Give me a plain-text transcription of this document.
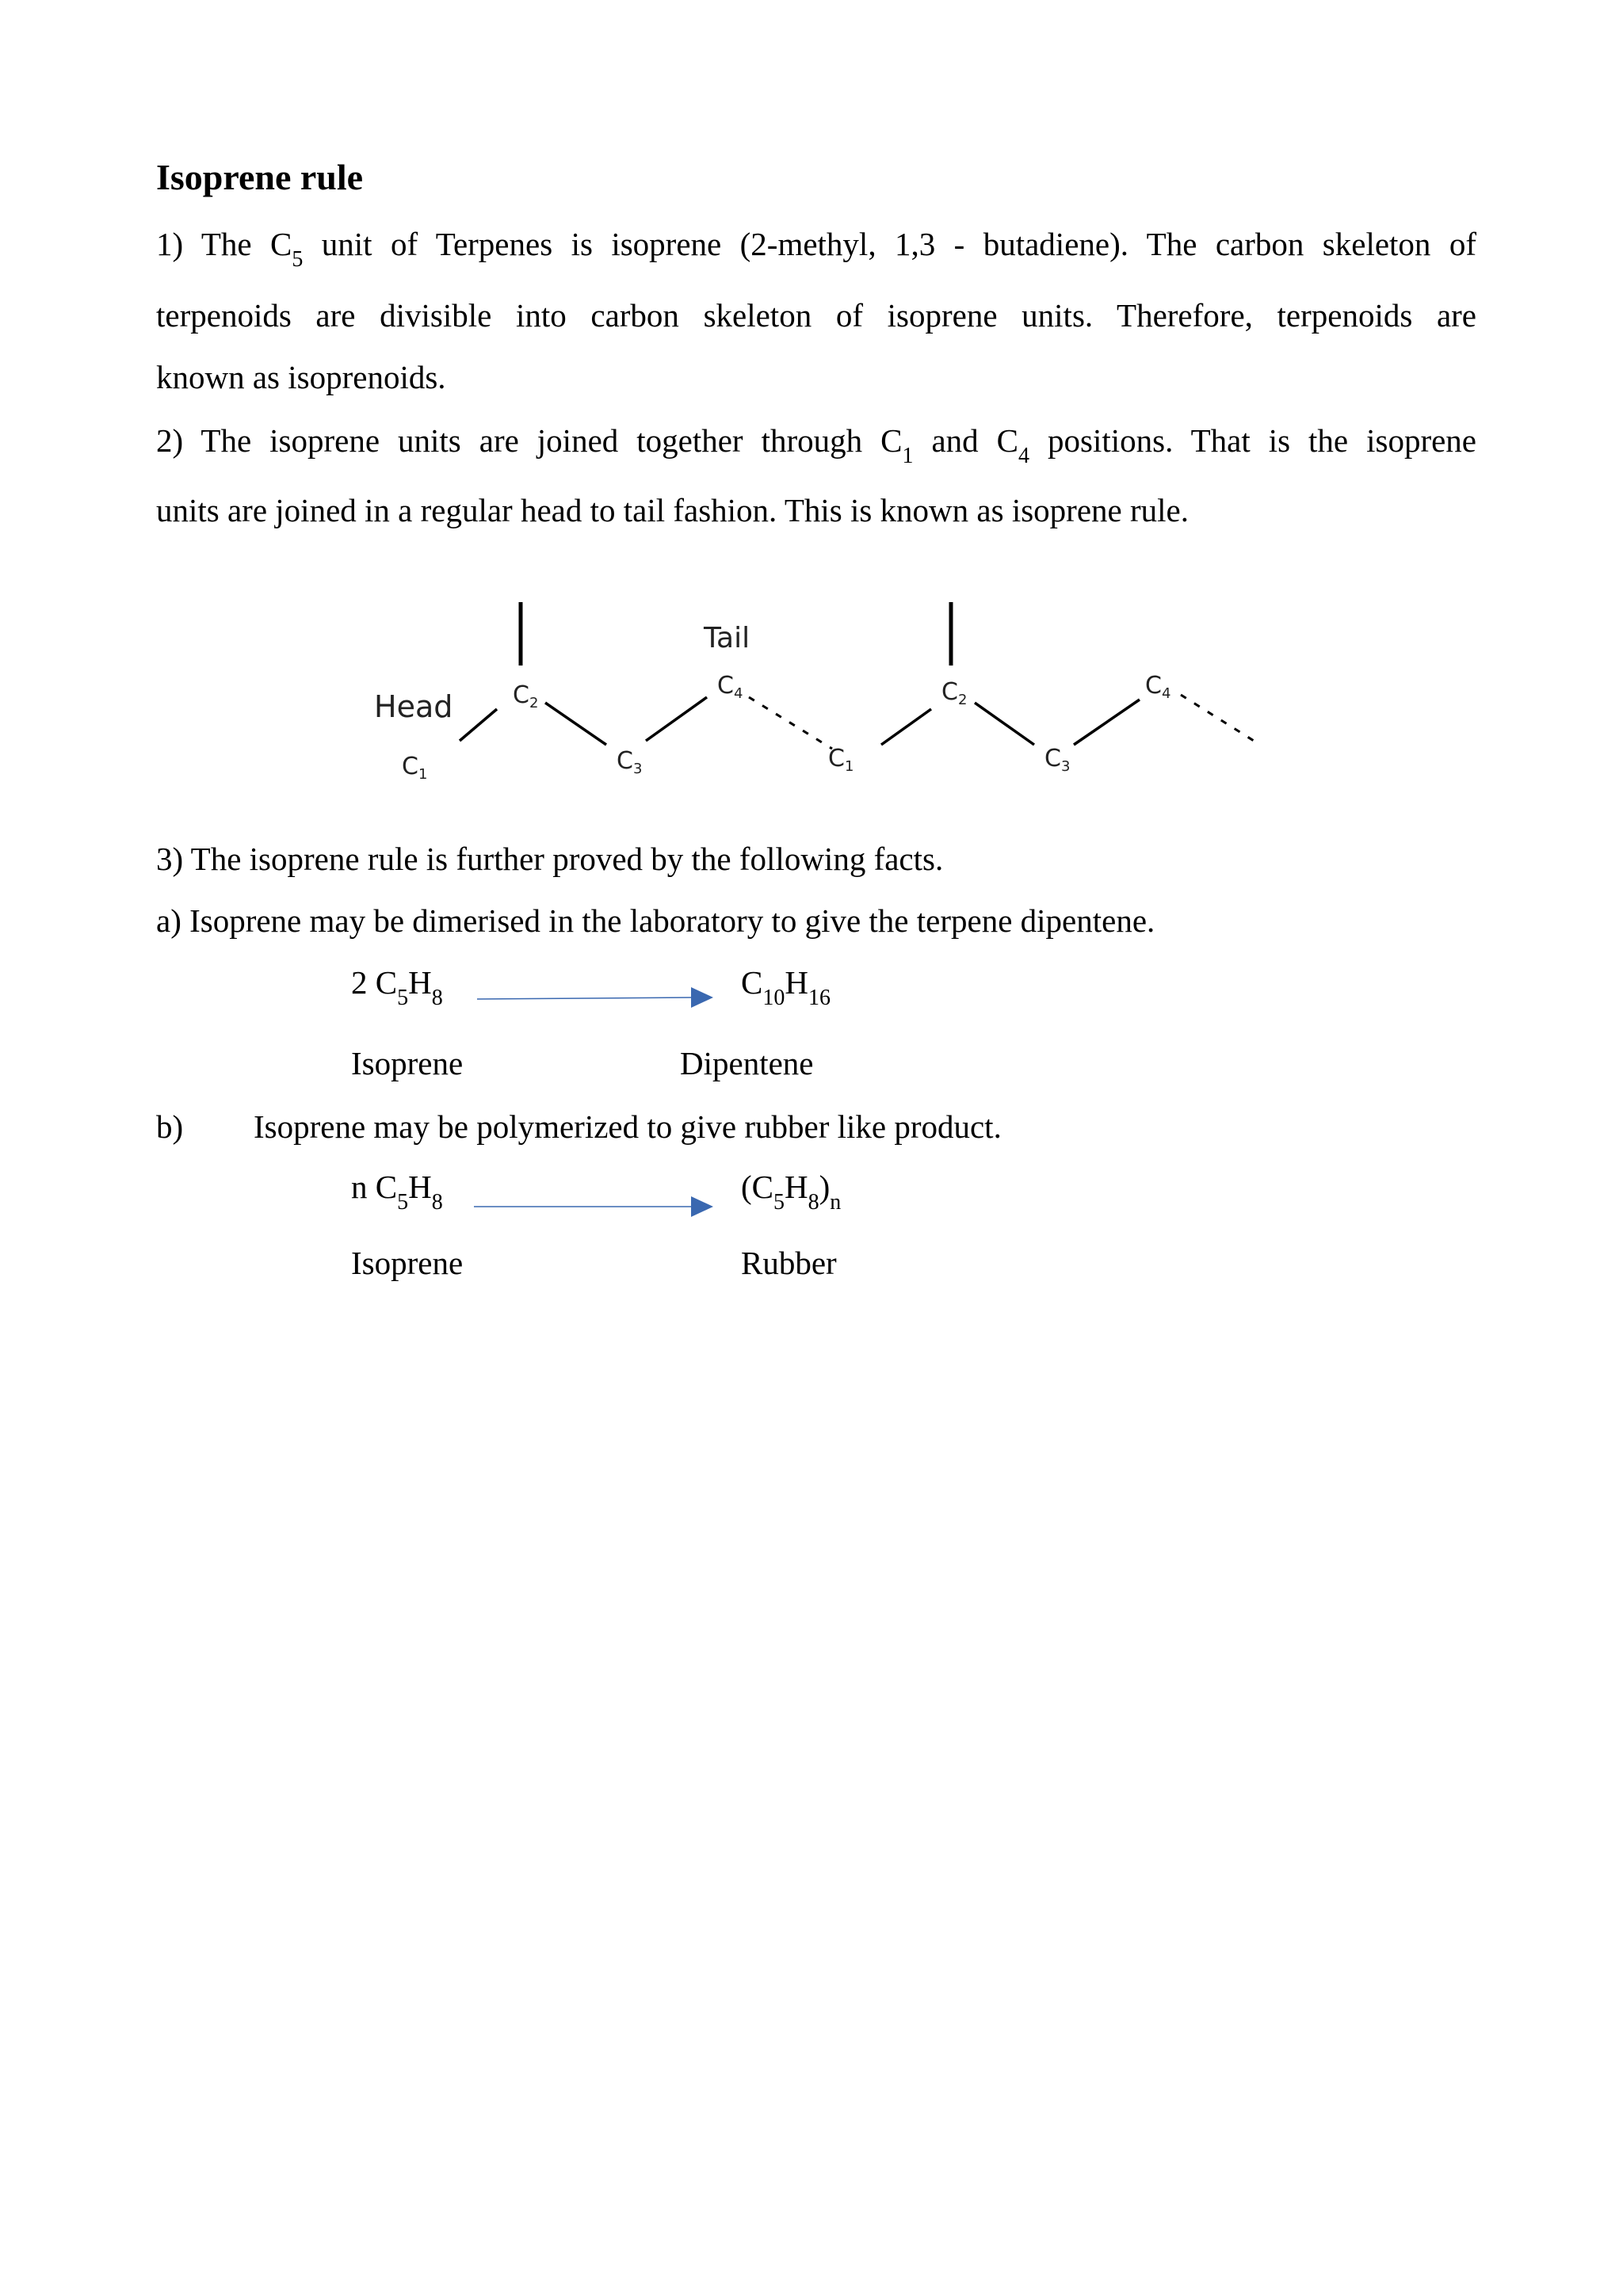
Isoprene rule
1) The $C_5$ unit of Terpenes is isoprene (2-methyl, 1,3 - butadiene). The carbon skeleton of
terpenoids are divisible into carbon skeleton of isoprene units. Therefore, terpenoids are
known as isoprenoids.
2) The isoprene units are joined together through $C_1$ and $C_4$ positions. That is the isoprene
units are joined in a regular head to tail fashion. This is known as isoprene rule.
Head
Tail
$C_1$
$C_2$
$C_3$
$C_4$
$C_1$
$C_2$
$C_3$
$C_4$
3) The isoprene rule is further proved by the following facts.
a) Isoprene may be dimerised in the laboratory to give the terpene dipentene.
2 $C_5H_8$	$C_{10}H_{16}$
Isoprene	Dipentene
b) Isoprene may be polymerized to give rubber like product.
n $C_5H_8$	$(C_5H_8)_n$
Isoprene	Rubber
